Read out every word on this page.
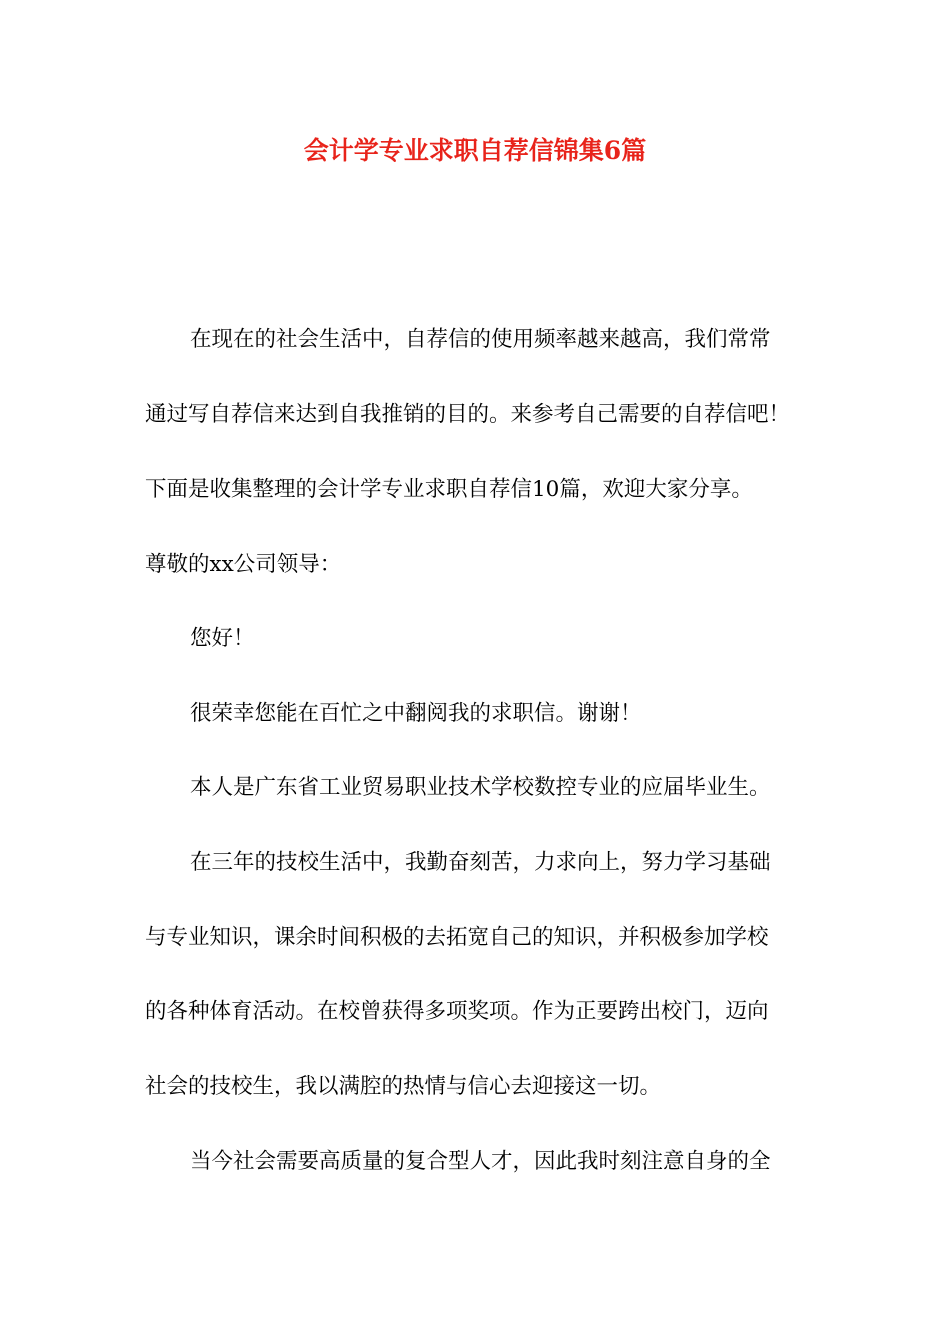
会计学专业求职自荐信锦集6篇
在现在的社会生活中，自荐信的使用频率越来越高，我们常常
通过写自荐信来达到自我推销的目的。来参考自己需要的自荐信吧！
下面是收集整理的会计学专业求职自荐信10篇，欢迎大家分享。
尊敬的xx公司领导：
您好！
很荣幸您能在百忙之中翻阅我的求职信。谢谢！
本人是广东省工业贸易职业技术学校数控专业的应届毕业生。
在三年的技校生活中，我勤奋刻苦，力求向上，努力学习基础
与专业知识，课余时间积极的去拓宽自己的知识，并积极参加学校
的各种体育活动。在校曾获得多项奖项。作为正要跨出校门，迈向
社会的技校生，我以满腔的热情与信心去迎接这一切。
当今社会需要高质量的复合型人才，因此我时刻注意自身的全
